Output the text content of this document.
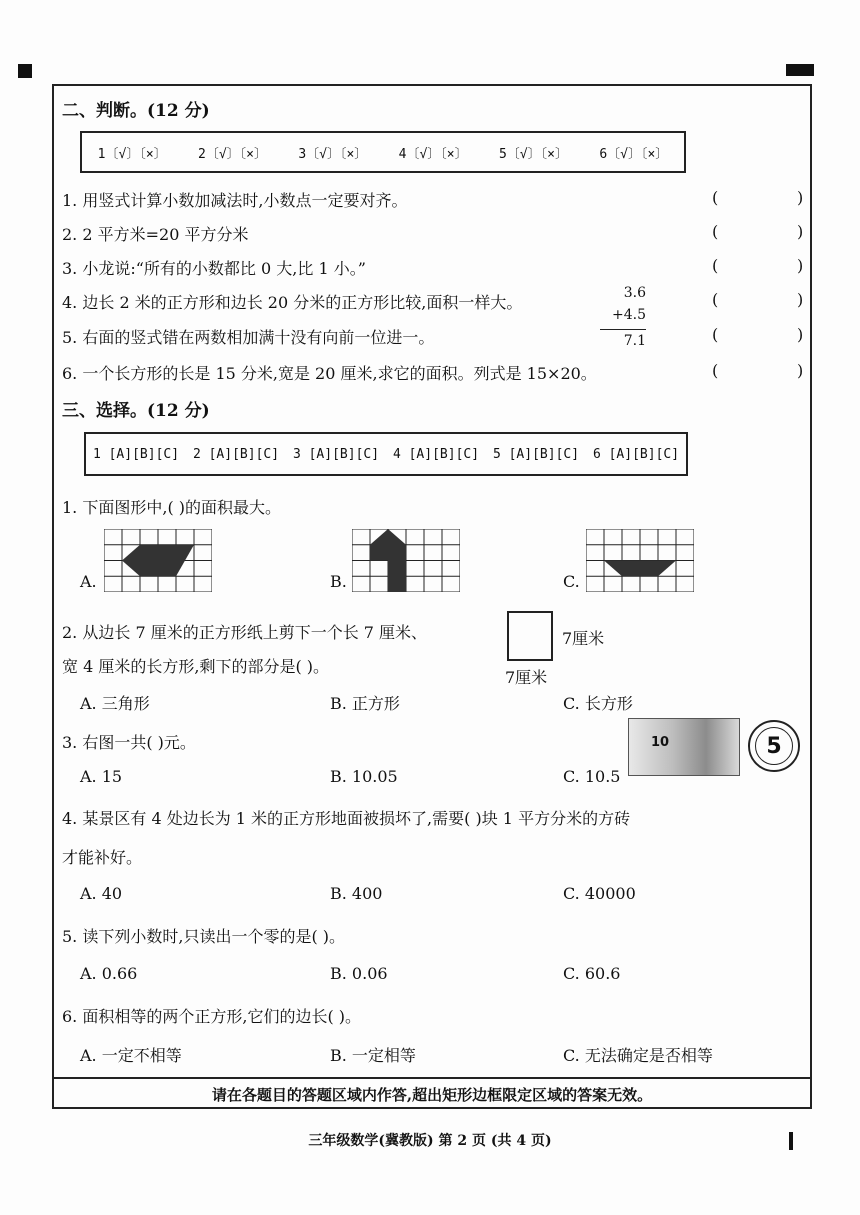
二、判断。(12 分)
1〔√〕〔×〕 2〔√〕〔×〕 3〔√〕〔×〕 4〔√〕〔×〕 5〔√〕〔×〕 6〔√〕〔×〕
1. 用竖式计算小数加减法时,小数点一定要对齐。
2. 2 平方米=20 平方分米
3. 小龙说:“所有的小数都比 0 大,比 1 小。”
4. 边长 2 米的正方形和边长 20 分米的正方形比较,面积一样大。
5. 右面的竖式错在两数相加满十没有向前一位进一。
6. 一个长方形的长是 15 分米,宽是 20 厘米,求它的面积。列式是 15×20。
(	)
(	)
(	)
(	)
(	)
(	)
3.6
+4.5
7.1
三、选择。(12 分)
1 [A][B][C] 2 [A][B][C] 3 [A][B][C] 4 [A][B][C] 5 [A][B][C] 6 [A][B][C]
1. 下面图形中,( )的面积最大。
A.	B.	C.
2. 从边长 7 厘米的正方形纸上剪下一个长 7 厘米、
宽 4 厘米的长方形,剩下的部分是( )。
7厘米
7厘米
A. 三角形	B. 正方形	C. 长方形
3. 右图一共( )元。	10	5
A. 15	B. 10.05	C. 10.5
4. 某景区有 4 处边长为 1 米的正方形地面被损坏了,需要( )块 1 平方分米的方砖
才能补好。
A. 40	B. 400	C. 40000
5. 读下列小数时,只读出一个零的是( )。
A. 0.66	B. 0.06	C. 60.6
6. 面积相等的两个正方形,它们的边长( )。
A. 一定不相等	B. 一定相等	C. 无法确定是否相等
请在各题目的答题区域内作答,超出矩形边框限定区域的答案无效。
三年级数学(冀教版) 第 2 页 (共 4 页)
